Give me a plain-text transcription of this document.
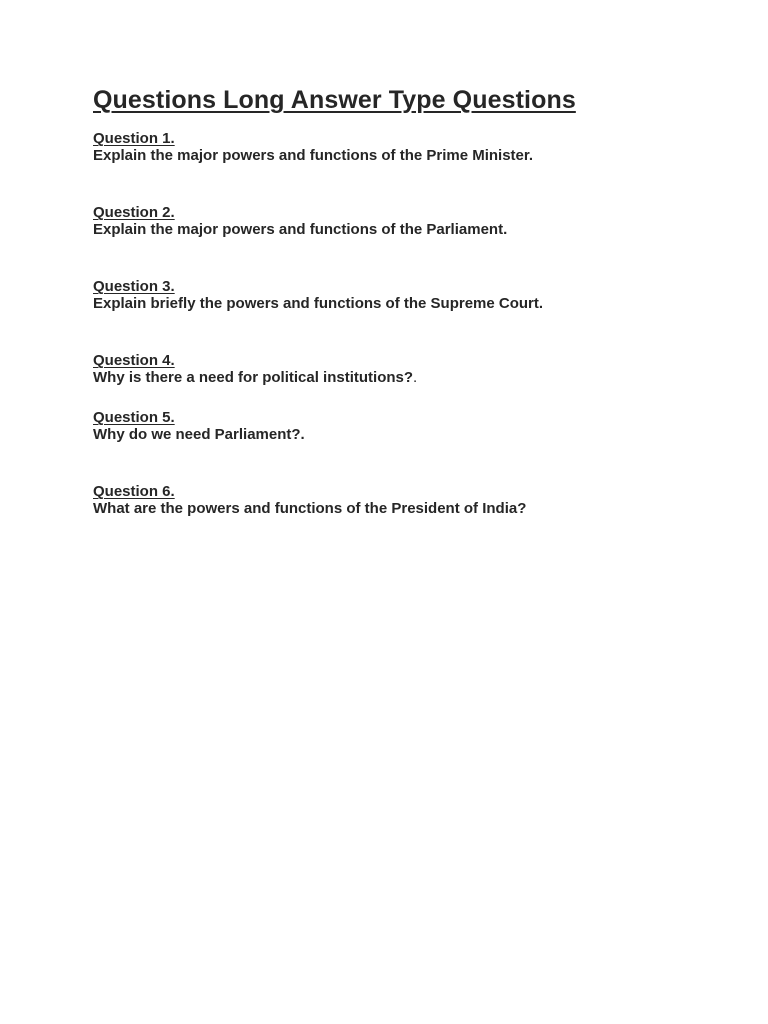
Questions Long Answer Type Questions
Question 1.
Explain the major powers and functions of the Prime Minister.
Question 2.
Explain the major powers and functions of the Parliament.
Question 3.
Explain briefly the powers and functions of the Supreme Court.
Question 4.
Why is there a need for political institutions?.
Question 5.
Why do we need Parliament?.
Question 6.
What are the powers and functions of the President of India?
